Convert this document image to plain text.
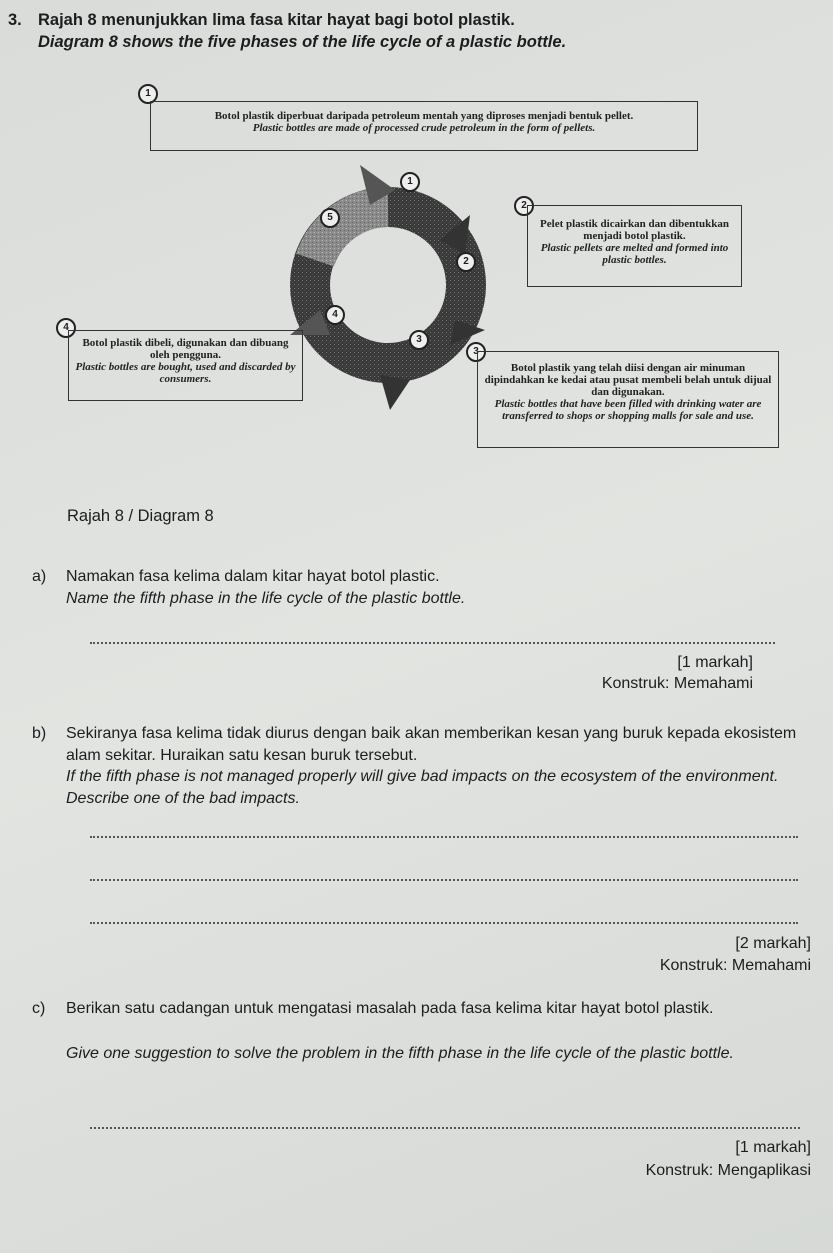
3. Rajah 8 menunjukkan lima fasa kitar hayat bagi botol plastik.
Diagram 8 shows the five phases of the life cycle of a plastic bottle.
1
Botol plastik diperbuat daripada petroleum mentah yang diproses menjadi bentuk pellet.
Plastic bottles are made of processed crude petroleum in the form of pellets.
1
2
3
4
5
2
Pelet plastik dicairkan dan dibentukkan menjadi botol plastik.
Plastic pellets are melted and formed into plastic bottles.
4
Botol plastik dibeli, digunakan dan dibuang oleh pengguna.
Plastic bottles are bought, used and discarded by consumers.
3
Botol plastik yang telah diisi dengan air minuman dipindahkan ke kedai atau pusat membeli belah untuk dijual dan digunakan.
Plastic bottles that have been filled with drinking water are transferred to shops or shopping malls for sale and use.
Rajah 8 / Diagram 8
a) Namakan fasa kelima dalam kitar hayat botol plastic.
Name the fifth phase in the life cycle of the plastic bottle.
[1 markah]
Konstruk: Memahami
b) Sekiranya fasa kelima tidak diurus dengan baik akan memberikan kesan yang buruk kepada ekosistem alam sekitar. Huraikan satu kesan buruk tersebut.
If the fifth phase is not managed properly will give bad impacts on the ecosystem of the environment. Describe one of the bad impacts.
[2 markah]
Konstruk: Memahami
c) Berikan satu cadangan untuk mengatasi masalah pada fasa kelima kitar hayat botol plastik.
Give one suggestion to solve the problem in the fifth phase in the life cycle of the plastic bottle.
[1 markah]
Konstruk: Mengaplikasi
